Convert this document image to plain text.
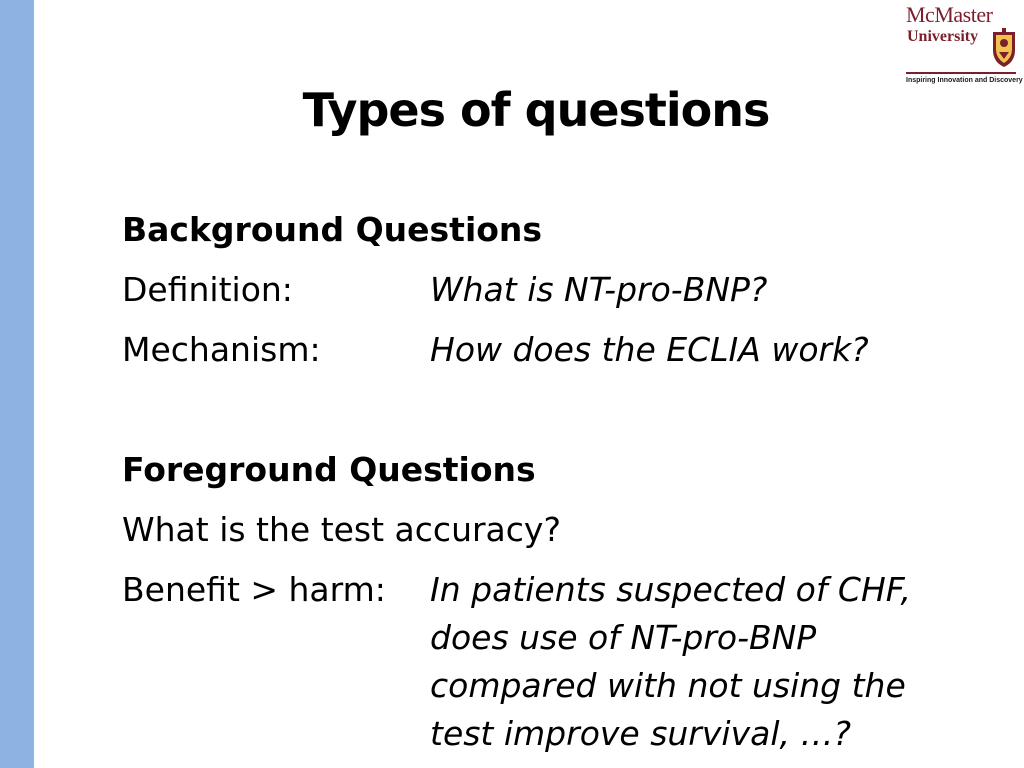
McMaster
University
Inspiring Innovation and Discovery
Types of questions
Background Questions
Definition:	What is NT-pro-BNP?
Mechanism:	How does the ECLIA work?
Foreground Questions
What is the test accuracy?
Benefit > harm:	In patients suspected of CHF,
does use of NT-pro-BNP
compared with not using the
test improve survival, …?
